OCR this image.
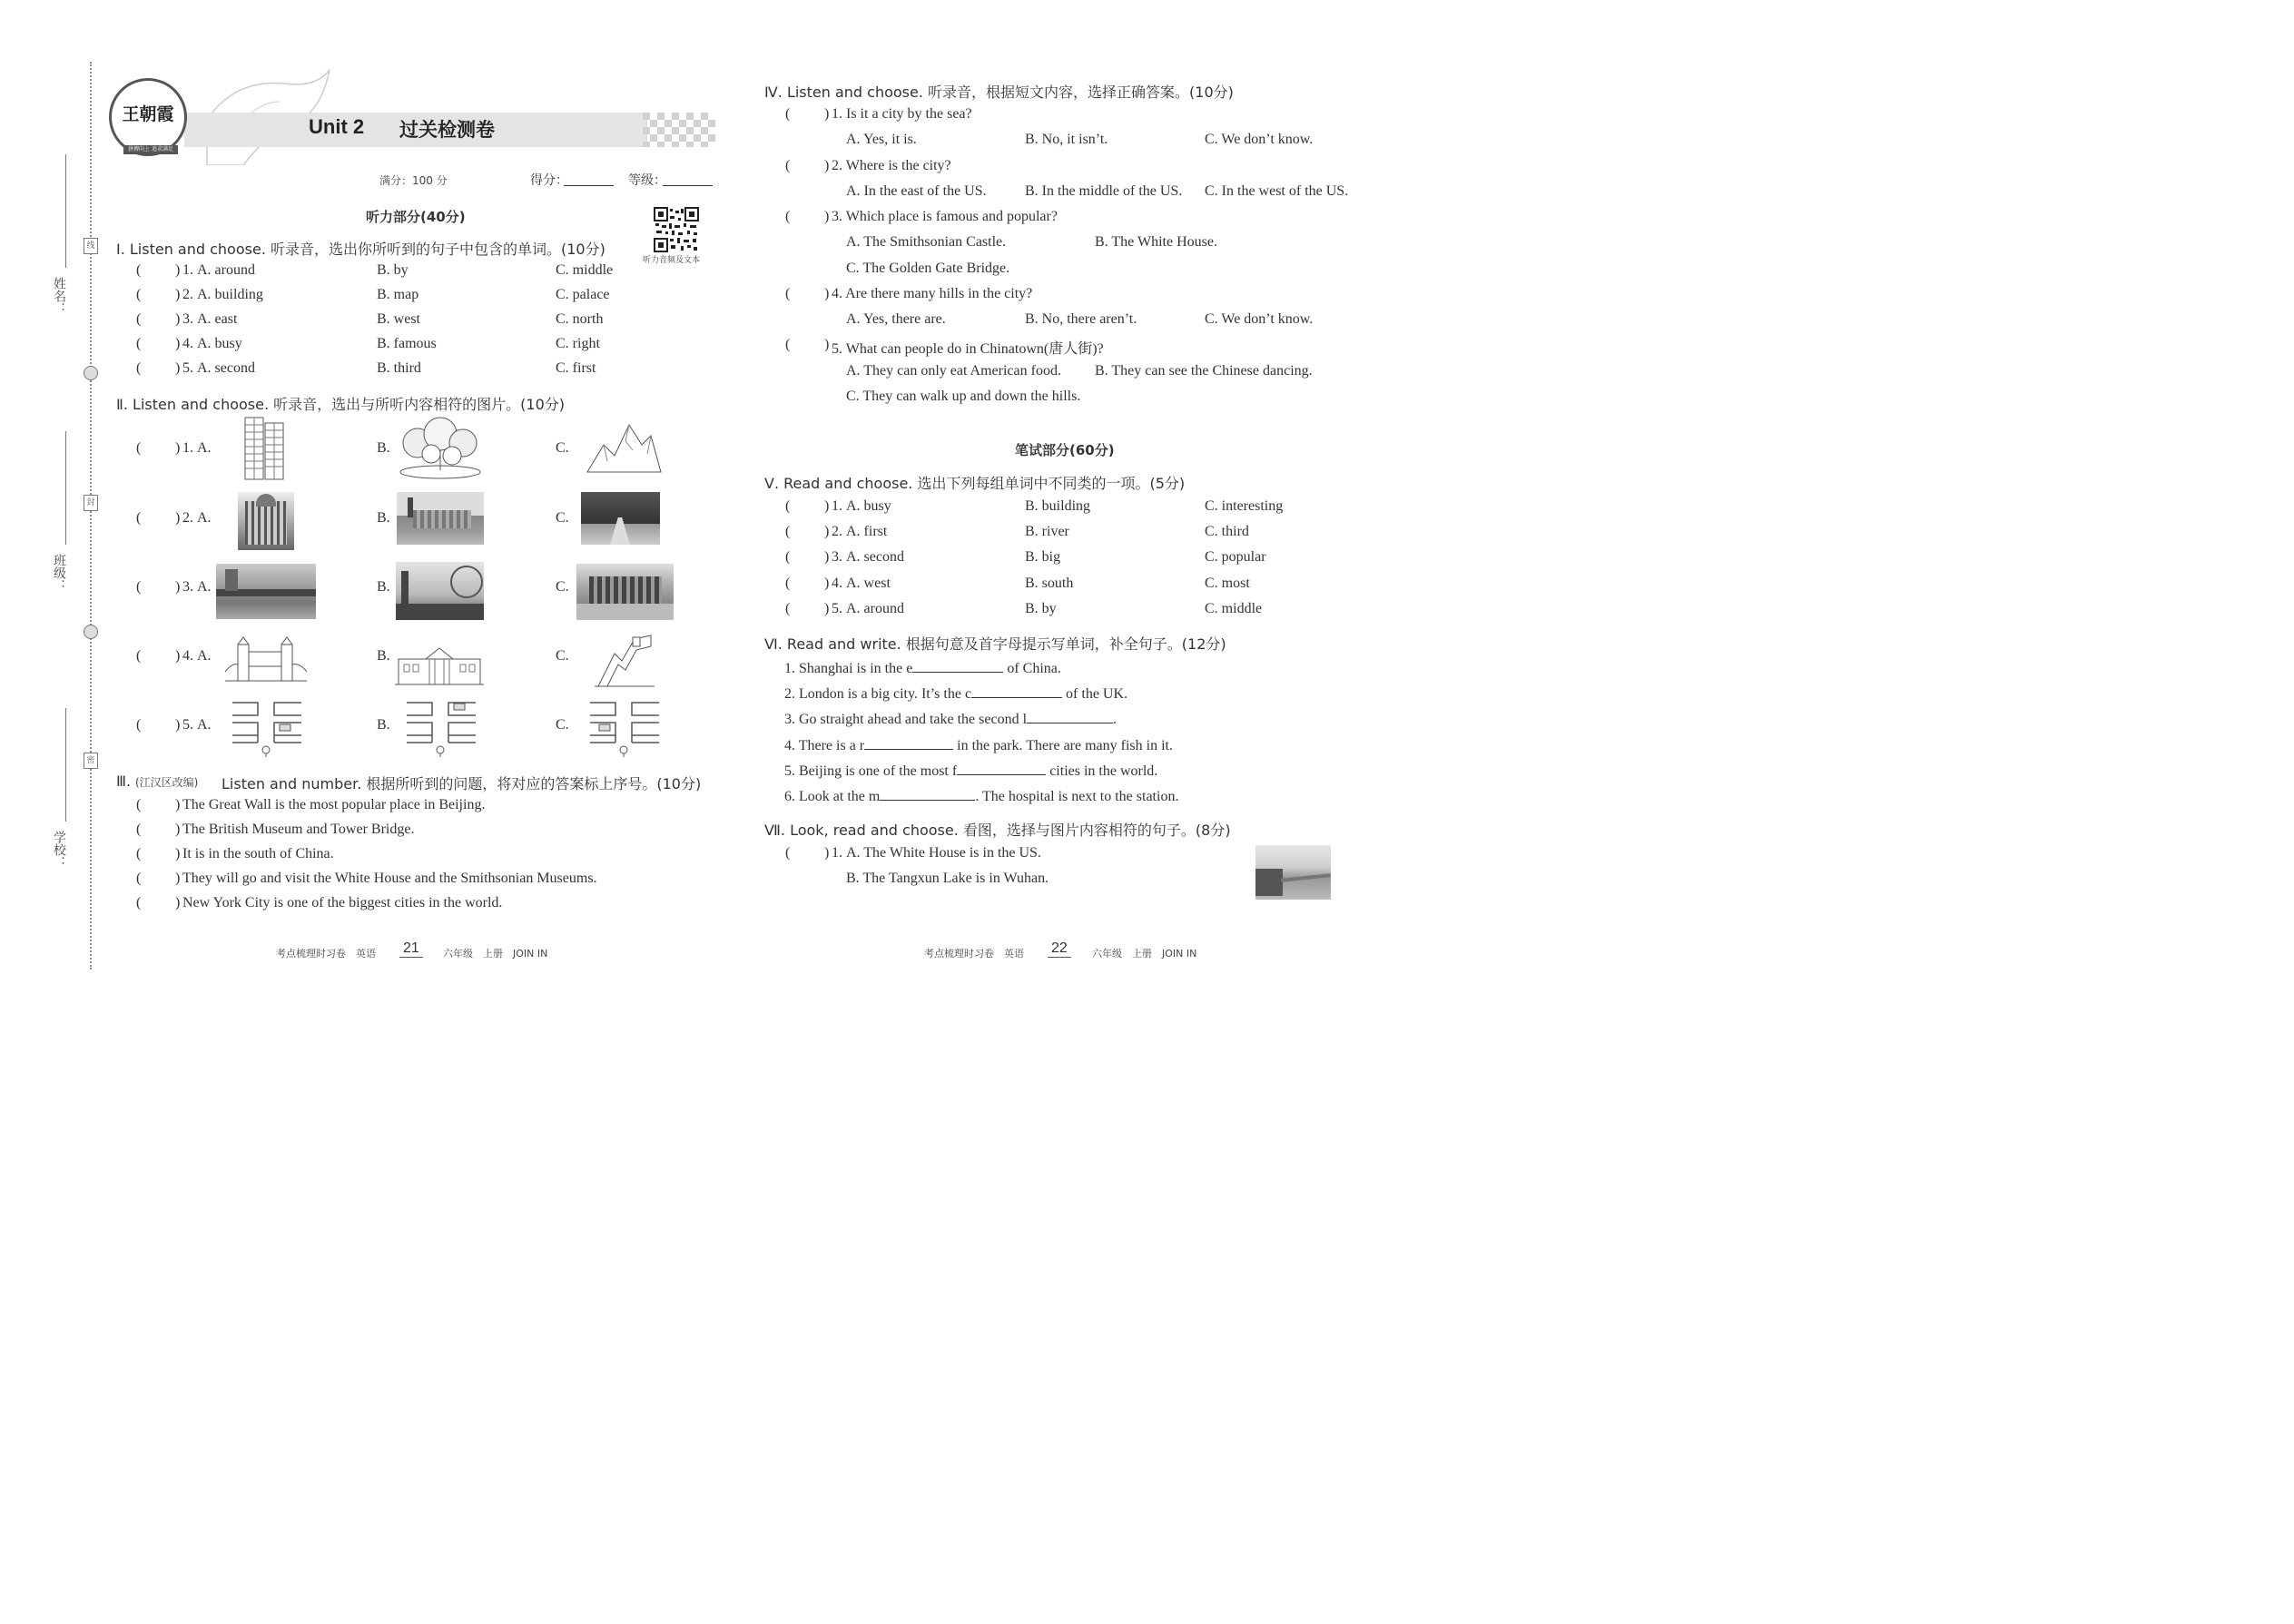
线
封
密
姓名：
班级：
学校：
王朝霞
拼搏向上 追求满足
Unit 2 过关检测卷
满分：100 分	得分：	等级：
听力部分(40分)
听力音频及文本
Ⅰ. Listen and choose. 听录音，选出你所听到的句子中包含的单词。(10分)
( ) 1. A. around	B. by	C. middle
( ) 2. A. building	B. map	C. palace
( ) 3. A. east	B. west	C. north
( ) 4. A. busy	B. famous	C. right
( ) 5. A. second	B. third	C. first
Ⅱ. Listen and choose. 听录音，选出与所听内容相符的图片。(10分)
( ) 1. A.	B.	C.
( ) 2. A.	B.	C.
( ) 3. A.	B.	C.
( ) 4. A.	B.	C.
( ) 5. A.	B.	C.
Ⅲ. (江汉区改编) Listen and number. 根据所听到的问题，将对应的答案标上序号。(10分)
( ) The Great Wall is the most popular place in Beijing.
( ) The British Museum and Tower Bridge.
( ) It is in the south of China.
( ) They will go and visit the White House and the Smithsonian Museums.
( ) New York City is one of the biggest cities in the world.
考点梳理时习卷　英语 21	六年级　上册　JOIN IN
Ⅳ. Listen and choose. 听录音，根据短文内容，选择正确答案。(10分)
( ) 1. Is it a city by the sea?
A. Yes, it is.	B. No, it isn’t.	C. We don’t know.
( ) 2. Where is the city?
A. In the east of the US.	B. In the middle of the US. C. In the west of the US.
( ) 3. Which place is famous and popular?
A. The Smithsonian Castle.	B. The White House.
C. The Golden Gate Bridge.
( ) 4. Are there many hills in the city?
A. Yes, there are.	B. No, there aren’t.	C. We don’t know.
( ) 5. What can people do in Chinatown(唐人街)?
A. They can only eat American food. B. They can see the Chinese dancing.
C. They can walk up and down the hills.
笔试部分(60分)
Ⅴ. Read and choose. 选出下列每组单词中不同类的一项。(5分)
( ) 1. A. busy	B. building	C. interesting
( ) 2. A. first	B. river	C. third
( ) 3. A. second	B. big	C. popular
( ) 4. A. west	B. south	C. most
( ) 5. A. around	B. by	C. middle
Ⅵ. Read and write. 根据句意及首字母提示写单词，补全句子。(12分)
1. Shanghai is in the e	of China.
2. London is a big city. It’s the c	of the UK.
3. Go straight ahead and take the second l	.
4. There is a r	in the park. There are many fish in it.
5. Beijing is one of the most f	cities in the world.
6. Look at the m	. The hospital is next to the station.
Ⅶ. Look, read and choose. 看图，选择与图片内容相符的句子。(8分)
( ) 1. A. The White House is in the US.
B. The Tangxun Lake is in Wuhan.
考点梳理时习卷　英语 22	六年级　上册　JOIN IN
